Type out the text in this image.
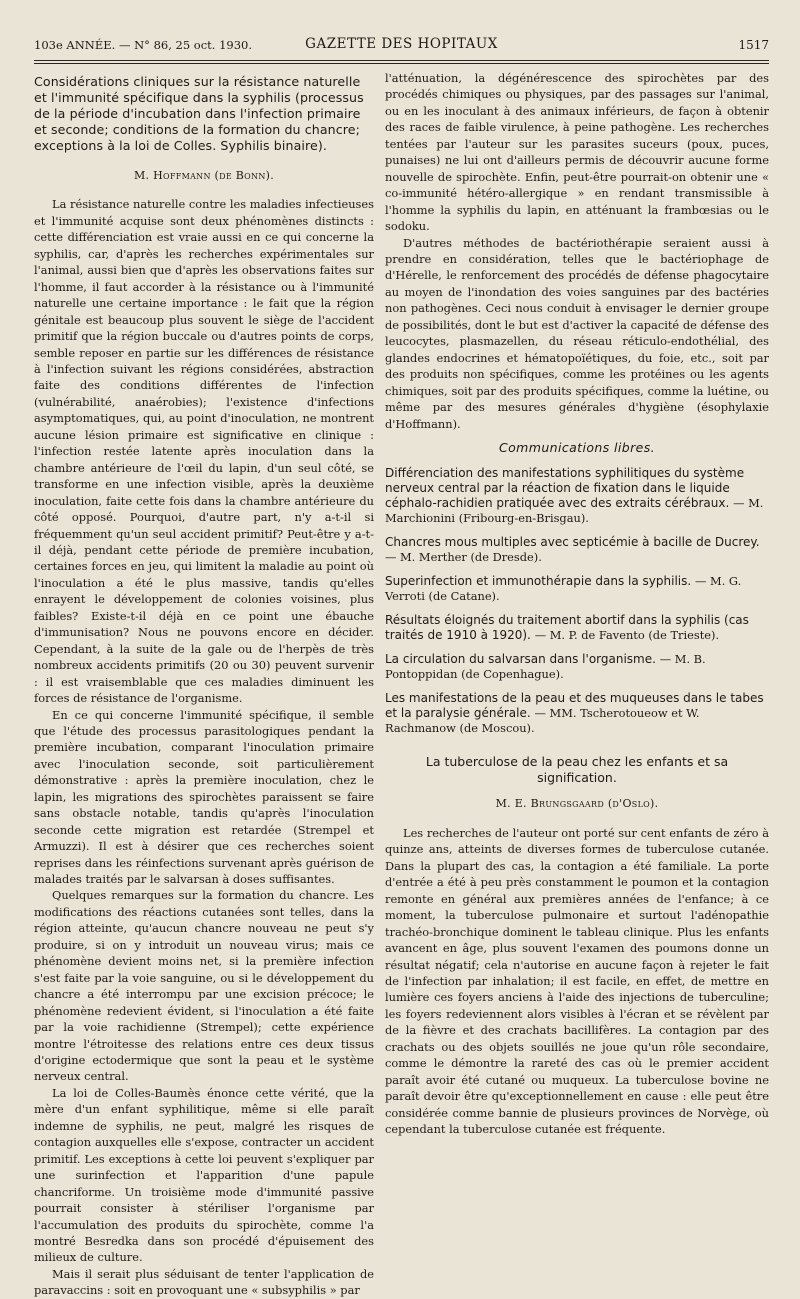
103e ANNÉE. — N° 86, 25 oct. 1930.	GAZETTE DES HOPITAUX	1517
Considérations cliniques sur la résistance naturelle et l'immunité spécifique dans la syphilis (processus de la période d'incubation dans l'infection primaire et seconde; conditions de la formation du chancre; exceptions à la loi de Colles. Syphilis binaire).
M. Hoffmann (de Bonn).

La résistance naturelle contre les maladies infectieuses et l'immunité acquise sont deux phénomènes distincts : cette différenciation est vraie aussi en ce qui concerne la syphilis, car, d'après les recherches expérimentales sur l'animal, aussi bien que d'après les observations faites sur l'homme, il faut accorder à la résistance ou à l'immunité naturelle une certaine importance : le fait que la région génitale est beaucoup plus souvent le siège de l'accident primitif que la région buccale ou d'autres points de corps, semble reposer en partie sur les différences de résistance à l'infection suivant les régions considérées, abstraction faite des conditions différentes de l'infection (vulnérabilité, anaérobies); l'existence d'infections asymptomatiques, qui, au point d'inoculation, ne montrent aucune lésion primaire est significative en clinique : l'infection restée latente après inoculation dans la chambre antérieure de l'œil du lapin, d'un seul côté, se transforme en une infection visible, après la deuxième inoculation, faite cette fois dans la chambre antérieure du côté opposé. Pourquoi, d'autre part, n'y a-t-il si fréquemment qu'un seul accident primitif? Peut-être y a-t-il déjà, pendant cette période de première incubation, certaines forces en jeu, qui limitent la maladie au point où l'inoculation a été le plus massive, tandis qu'elles enrayent le développement de colonies voisines, plus faibles? Existe-t-il déjà en ce point une ébauche d'immunisation? Nous ne pouvons encore en décider. Cependant, à la suite de la gale ou de l'herpès de très nombreux accidents primitifs (20 ou 30) peuvent survenir : il est vraisemblable que ces maladies diminuent les forces de résistance de l'organisme.

En ce qui concerne l'immunité spécifique, il semble que l'étude des processus parasitologiques pendant la première incubation, comparant l'inoculation primaire avec l'inoculation seconde, soit particulièrement démonstrative : après la première inoculation, chez le lapin, les migrations des spirochètes paraissent se faire sans obstacle notable, tandis qu'après l'inoculation seconde cette migration est retardée (Strempel et Armuzzi). Il est à désirer que ces recherches soient reprises dans les réinfections survenant après guérison de malades traités par le salvarsan à doses suffisantes.

Quelques remarques sur la formation du chancre. Les modifications des réactions cutanées sont telles, dans la région atteinte, qu'aucun chancre nouveau ne peut s'y produire, si on y introduit un nouveau virus; mais ce phénomène devient moins net, si la première infection s'est faite par la voie sanguine, ou si le développement du chancre a été interrompu par une excision précoce; le phénomène redevient évident, si l'inoculation a été faite par la voie rachidienne (Strempel); cette expérience montre l'étroitesse des relations entre ces deux tissus d'origine ectodermique que sont la peau et le système nerveux central.

La loi de Colles-Baumès énonce cette vérité, que la mère d'un enfant syphilitique, même si elle paraît indemne de syphilis, ne peut, malgré les risques de contagion auxquelles elle s'expose, contracter un accident primitif. Les exceptions à cette loi peuvent s'expliquer par une surinfection et l'apparition d'une papule chancriforme. Un troisième mode d'immunité passive pourrait consister à stériliser l'organisme par l'accumulation des produits du spirochète, comme l'a montré Besredka dans son procédé d'épuisement des milieux de culture.

Mais il serait plus séduisant de tenter l'application de paravaccins : soit en provoquant une « subsyphilis » par

l'atténuation, la dégénérescence des spirochètes par des procédés chimiques ou physiques, par des passages sur l'animal, ou en les inoculant à des animaux inférieurs, de façon à obtenir des races de faible virulence, à peine pathogène. Les recherches tentées par l'auteur sur les parasites suceurs (poux, puces, punaises) ne lui ont d'ailleurs permis de découvrir aucune forme nouvelle de spirochète. Enfin, peut-être pourrait-on obtenir une « co-immunité hétéro-allergique » en rendant transmissible à l'homme la syphilis du lapin, en atténuant la frambœsias ou le sodoku.

D'autres méthodes de bactériothérapie seraient aussi à prendre en considération, telles que le bactériophage de d'Hérelle, le renforcement des procédés de défense phagocytaire au moyen de l'inondation des voies sanguines par des bactéries non pathogènes. Ceci nous conduit à envisager le dernier groupe de possibilités, dont le but est d'activer la capacité de défense des leucocytes, plasmazellen, du réseau réticulo-endothélial, des glandes endocrines et hématopoïétiques, du foie, etc., soit par des produits non spécifiques, comme les protéines ou les agents chimiques, soit par des produits spécifiques, comme la luétine, ou même par des mesures générales d'hygiène (ésophylaxie d'Hoffmann).

Communications libres.
Différenciation des manifestations syphilitiques du système nerveux central par la réaction de fixation dans le liquide céphalo-rachidien pratiquée avec des extraits cérébraux. — M. Marchionini (Fribourg-en-Brisgau).
Chancres mous multiples avec septicémie à bacille de Ducrey. — M. Merther (de Dresde).
Superinfection et immunothérapie dans la syphilis. — M. G. Verroti (de Catane).
Résultats éloignés du traitement abortif dans la syphilis (cas traités de 1910 à 1920). — M. P. de Favento (de Trieste).
La circulation du salvarsan dans l'organisme. — M. B. Pontoppidan (de Copenhague).
Les manifestations de la peau et des muqueuses dans le tabes et la paralysie générale. — MM. Tscherotoueow et W. Rachmanow (de Moscou).
La tuberculose de la peau chez les enfants et sa signification.
M. E. Brungsgaard (d'Oslo).

Les recherches de l'auteur ont porté sur cent enfants de zéro à quinze ans, atteints de diverses formes de tuberculose cutanée. Dans la plupart des cas, la contagion a été familiale. La porte d'entrée a été à peu près constamment le poumon et la contagion remonte en général aux premières années de l'enfance; à ce moment, la tuberculose pulmonaire et surtout l'adénopathie trachéo-bronchique dominent le tableau clinique. Plus les enfants avancent en âge, plus souvent l'examen des poumons donne un résultat négatif; cela n'autorise en aucune façon à rejeter le fait de l'infection par inhalation; il est facile, en effet, de mettre en lumière ces foyers anciens à l'aide des injections de tuberculine; les foyers redeviennent alors visibles à l'écran et se révèlent par de la fièvre et des crachats bacillifères. La contagion par des crachats ou des objets souillés ne joue qu'un rôle secondaire, comme le démontre la rareté des cas où le premier accident paraît avoir été cutané ou muqueux. La tuberculose bovine ne paraît devoir être qu'exceptionnellement en cause : elle peut être considérée comme bannie de plusieurs provinces de Norvège, où cependant la tuberculose cutanée est fréquente.
